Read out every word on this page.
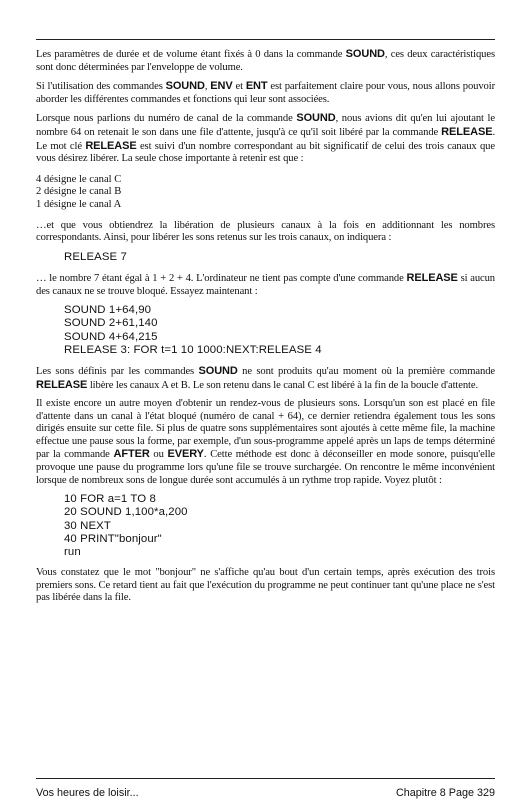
Les paramètres de durée et de volume étant fixés à 0 dans la commande SOUND, ces deux caractéristiques sont donc déterminées par l'enveloppe de volume.

Si l'utilisation des commandes SOUND, ENV et ENT est parfaitement claire pour vous, nous allons pouvoir aborder les différentes commandes et fonctions qui leur sont associées.

Lorsque nous parlions du numéro de canal de la commande SOUND, nous avions dit qu'en lui ajoutant le nombre 64 on retenait le son dans une file d'attente, jusqu'à ce qu'il soit libéré par la commande RELEASE. Le mot clé RELEASE est suivi d'un nombre correspondant au bit significatif de celui des trois canaux que vous désirez libérer. La seule chose importante à retenir est que :

4 désigne le canal C
2 désigne le canal B
1 désigne le canal A

…et que vous obtiendrez la libération de plusieurs canaux à la fois en additionnant les nombres correspondants. Ainsi, pour libérer les sons retenus sur les trois canaux, on indiquera :

RELEASE 7

… le nombre 7 étant égal à 1 + 2 + 4. L'ordinateur ne tient pas compte d'une commande RELEASE si aucun des canaux ne se trouve bloqué. Essayez maintenant :

SOUND 1+64,90
SOUND 2+61,140
SOUND 4+64,215
RELEASE 3: FOR t=1 10 1000:NEXT:RELEASE 4

Les sons définis par les commandes SOUND ne sont produits qu'au moment où la première commande RELEASE libère les canaux A et B. Le son retenu dans le canal C est libéré à la fin de la boucle d'attente.

Il existe encore un autre moyen d'obtenir un rendez-vous de plusieurs sons. Lorsqu'un son est placé en file d'attente dans un canal à l'état bloqué (numéro de canal + 64), ce dernier retiendra également tous les sons dirigés ensuite sur cette file. Si plus de quatre sons supplémentaires sont ajoutés à cette même file, la machine effectue une pause sous la forme, par exemple, d'un sous-programme appelé après un laps de temps déterminé par la commande AFTER ou EVERY. Cette méthode est donc à déconseiller en mode sonore, puisqu'elle provoque une pause du programme lors qu'une file se trouve surchargée. On rencontre le même inconvénient lorsque de nombreux sons de longue durée sont accumulés à un rythme trop rapide. Voyez plutôt :

10 FOR a=1 TO 8
20 SOUND 1,100*a,200
30 NEXT
40 PRINT"bonjour"
run

Vous constatez que le mot "bonjour" ne s'affiche qu'au bout d'un certain temps, après exécution des trois premiers sons. Ce retard tient au fait que l'exécution du programme ne peut continuer tant qu'une place ne s'est pas libérée dans la file.

Vos heures de loisir...	Chapitre 8 Page 329
